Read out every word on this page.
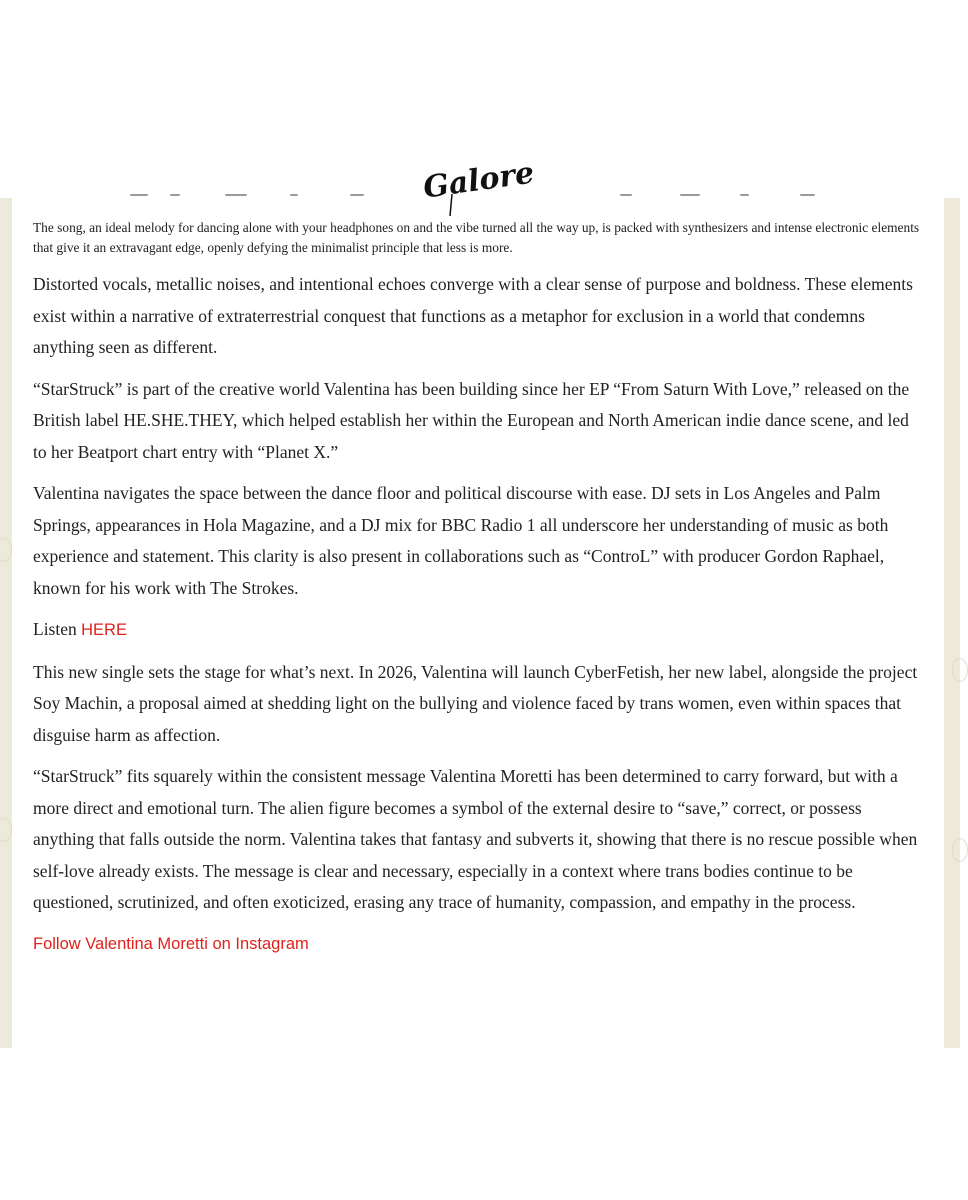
Galore

The song, an ideal melody for dancing alone with your headphones on and the vibe turned all the way up, is packed with synthesizers and intense electronic elements that give it an extravagant edge, openly defying the minimalist principle that less is more.

Distorted vocals, metallic noises, and intentional echoes converge with a clear sense of purpose and boldness. These elements exist within a narrative of extraterrestrial conquest that functions as a metaphor for exclusion in a world that condemns anything seen as different.

“StarStruck” is part of the creative world Valentina has been building since her EP “From Saturn With Love,” released on the British label HE.SHE.THEY, which helped establish her within the European and North American indie dance scene, and led to her Beatport chart entry with “Planet X.”

Valentina navigates the space between the dance floor and political discourse with ease. DJ sets in Los Angeles and Palm Springs, appearances in Hola Magazine, and a DJ mix for BBC Radio 1 all underscore her understanding of music as both experience and statement. This clarity is also present in collaborations such as “ControL” with producer Gordon Raphael, known for his work with The Strokes.

Listen HERE

This new single sets the stage for what’s next. In 2026, Valentina will launch CyberFetish, her new label, alongside the project Soy Machin, a proposal aimed at shedding light on the bullying and violence faced by trans women, even within spaces that disguise harm as affection.

“StarStruck” fits squarely within the consistent message Valentina Moretti has been determined to carry forward, but with a more direct and emotional turn. The alien figure becomes a symbol of the external desire to “save,” correct, or possess anything that falls outside the norm. Valentina takes that fantasy and subverts it, showing that there is no rescue possible when self-love already exists. The message is clear and necessary, especially in a context where trans bodies continue to be questioned, scrutinized, and often exoticized, erasing any trace of humanity, compassion, and empathy in the process.

Follow Valentina Moretti on Instagram
